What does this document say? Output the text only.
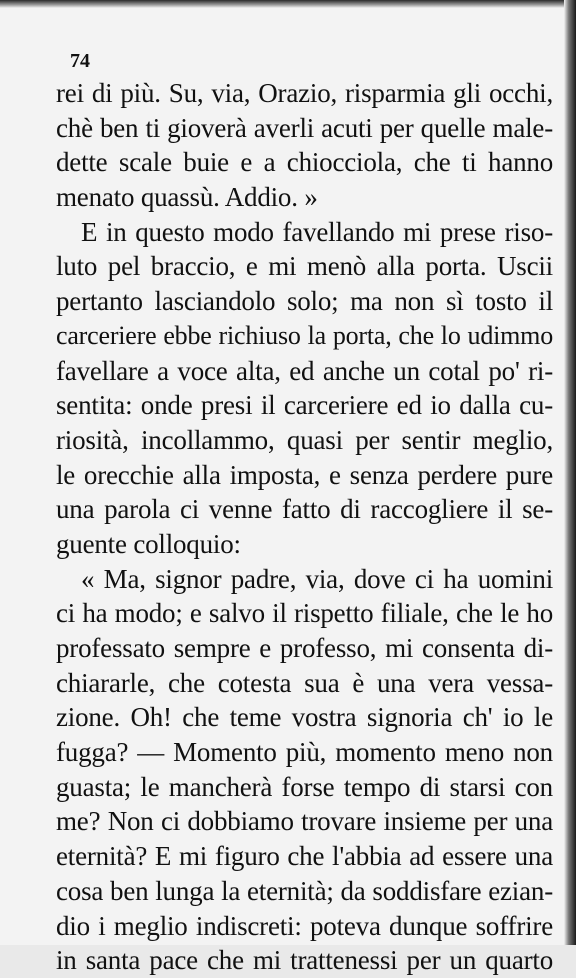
74
rei di più. Su, via, Orazio, risparmia gli occhi,
chè ben ti gioverà averli acuti per quelle male-
dette scale buie e a chiocciola, che ti hanno
menato quassù. Addio. »
E in questo modo favellando mi prese riso-
luto pel braccio, e mi menò alla porta. Uscii
pertanto lasciandolo solo; ma non sì tosto il
carceriere ebbe richiuso la porta, che lo udimmo
favellare a voce alta, ed anche un cotal po' ri-
sentita: onde presi il carceriere ed io dalla cu-
riosità, incollammo, quasi per sentir meglio,
le orecchie alla imposta, e senza perdere pure
una parola ci venne fatto di raccogliere il se-
guente colloquio:
« Ma, signor padre, via, dove ci ha uomini
ci ha modo; e salvo il rispetto filiale, che le ho
professato sempre e professo, mi consenta di-
chiararle, che cotesta sua è una vera vessa-
zione. Oh! che teme vostra signoria ch' io le
fugga? — Momento più, momento meno non
guasta; le mancherà forse tempo di starsi con
me? Non ci dobbiamo trovare insieme per una
eternità? E mi figuro che l'abbia ad essere una
cosa ben lunga la eternità; da soddisfare ezian-
dio i meglio indiscreti: poteva dunque soffrire
in santa pace che mi trattenessi per un quarto
